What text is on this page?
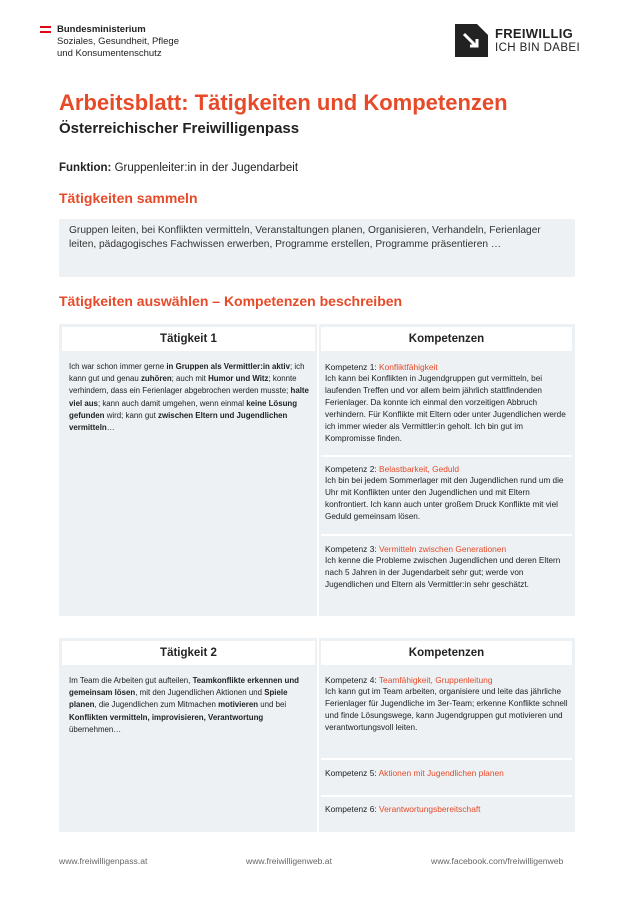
Bundesministerium
Soziales, Gesundheit, Pflege
und Konsumentenschutz
FREIWILLIG
ICH BIN DABEI
Arbeitsblatt: Tätigkeiten und Kompetenzen
Österreichischer Freiwilligenpass
Funktion: Gruppenleiter:in in der Jugendarbeit
Tätigkeiten sammeln
Gruppen leiten, bei Konflikten vermitteln, Veranstaltungen planen, Organisieren, Verhandeln, Ferienlager leiten, pädagogisches Fachwissen erwerben, Programme erstellen, Programme präsentieren …
Tätigkeiten auswählen – Kompetenzen beschreiben
Tätigkeit 1	Kompetenzen
Ich war schon immer gerne in Gruppen als Vermittler:in aktiv; ich kann gut und genau zuhören; auch mit Humor und Witz; konnte verhindern, dass ein Ferienlager abgebrochen werden musste; halte viel aus; kann auch damit umgehen, wenn einmal keine Lösung gefunden wird; kann gut zwischen Eltern und Jugendlichen vermitteln…
Kompetenz 1: Konfliktfähigkeit
Ich kann bei Konflikten in Jugendgruppen gut vermitteln, bei laufenden Treffen und vor allem beim jährlich stattfindenden Ferienlager. Da konnte ich einmal den vorzeitigen Abbruch verhindern. Für Konflikte mit Eltern oder unter Jugendlichen werde ich immer wieder als Vermittler:in geholt. Ich bin gut im Kompromisse finden.
Kompetenz 2: Belastbarkeit, Geduld
Ich bin bei jedem Sommerlager mit den Jugendlichen rund um die Uhr mit Konflikten unter den Jugendlichen und mit Eltern konfrontiert. Ich kann auch unter großem Druck Konflikte mit viel Geduld gemeinsam lösen.
Kompetenz 3: Vermitteln zwischen Generationen
Ich kenne die Probleme zwischen Jugendlichen und deren Eltern nach 5 Jahren in der Jugendarbeit sehr gut; werde von Jugendlichen und Eltern als Vermittler:in sehr geschätzt.
Tätigkeit 2	Kompetenzen
Im Team die Arbeiten gut aufteilen, Teamkonflikte erkennen und gemeinsam lösen, mit den Jugendlichen Aktionen und Spiele planen, die Jugendlichen zum Mitmachen motivieren und bei Konflikten vermitteln, improvisieren, Verantwortung übernehmen…
Kompetenz 4: Teamfähigkeit, Gruppenleitung
Ich kann gut im Team arbeiten, organisiere und leite das jährliche Ferienlager für Jugendliche im 3er-Team; erkenne Konflikte schnell und finde Lösungswege, kann Jugendgruppen gut motivieren und verantwortungsvoll leiten.
Kompetenz 5: Aktionen mit Jugendlichen planen
Kompetenz 6: Verantwortungsbereitschaft
www.freiwilligenpass.at	www.freiwilligenweb.at	www.facebook.com/freiwilligenweb
